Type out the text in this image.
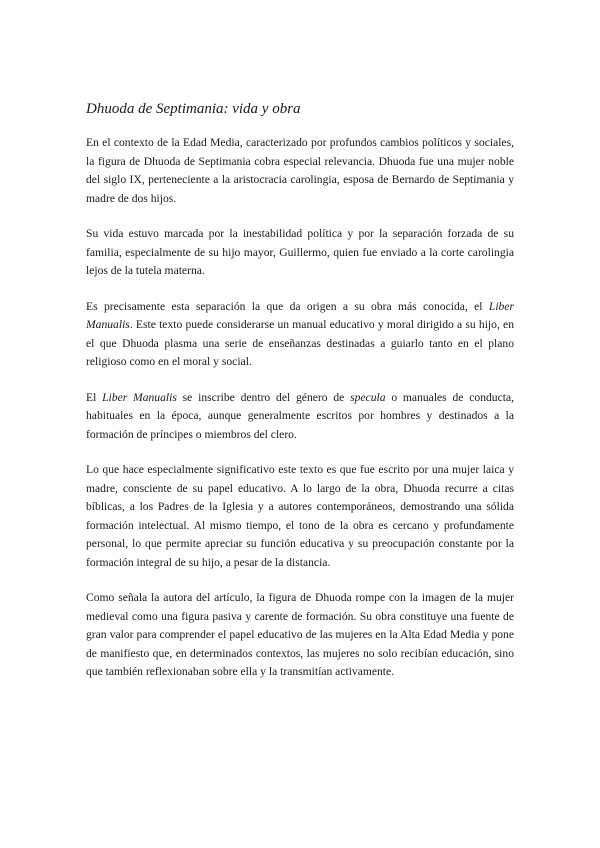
Dhuoda de Septimania: vida y obra

En el contexto de la Edad Media, caracterizado por profundos cambios políticos y sociales, la figura de Dhuoda de Septimania cobra especial relevancia. Dhuoda fue una mujer noble del siglo IX, perteneciente a la aristocracia carolingia, esposa de Bernardo de Septimania y madre de dos hijos.

Su vida estuvo marcada por la inestabilidad política y por la separación forzada de su familia, especialmente de su hijo mayor, Guillermo, quien fue enviado a la corte carolingia lejos de la tutela materna.

Es precisamente esta separación la que da origen a su obra más conocida, el Liber Manualis. Este texto puede considerarse un manual educativo y moral dirigido a su hijo, en el que Dhuoda plasma una serie de enseñanzas destinadas a guiarlo tanto en el plano religioso como en el moral y social.

El Liber Manualis se inscribe dentro del género de specula o manuales de conducta, habituales en la época, aunque generalmente escritos por hombres y destinados a la formación de príncipes o miembros del clero.

Lo que hace especialmente significativo este texto es que fue escrito por una mujer laica y madre, consciente de su papel educativo. A lo largo de la obra, Dhuoda recurre a citas bíblicas, a los Padres de la Iglesia y a autores contemporáneos, demostrando una sólida formación intelectual. Al mismo tiempo, el tono de la obra es cercano y profundamente personal, lo que permite apreciar su función educativa y su preocupación constante por la formación integral de su hijo, a pesar de la distancia.

Como señala la autora del artículo, la figura de Dhuoda rompe con la imagen de la mujer medieval como una figura pasiva y carente de formación. Su obra constituye una fuente de gran valor para comprender el papel educativo de las mujeres en la Alta Edad Media y pone de manifiesto que, en determinados contextos, las mujeres no solo recibían educación, sino que también reflexionaban sobre ella y la transmitían activamente.
